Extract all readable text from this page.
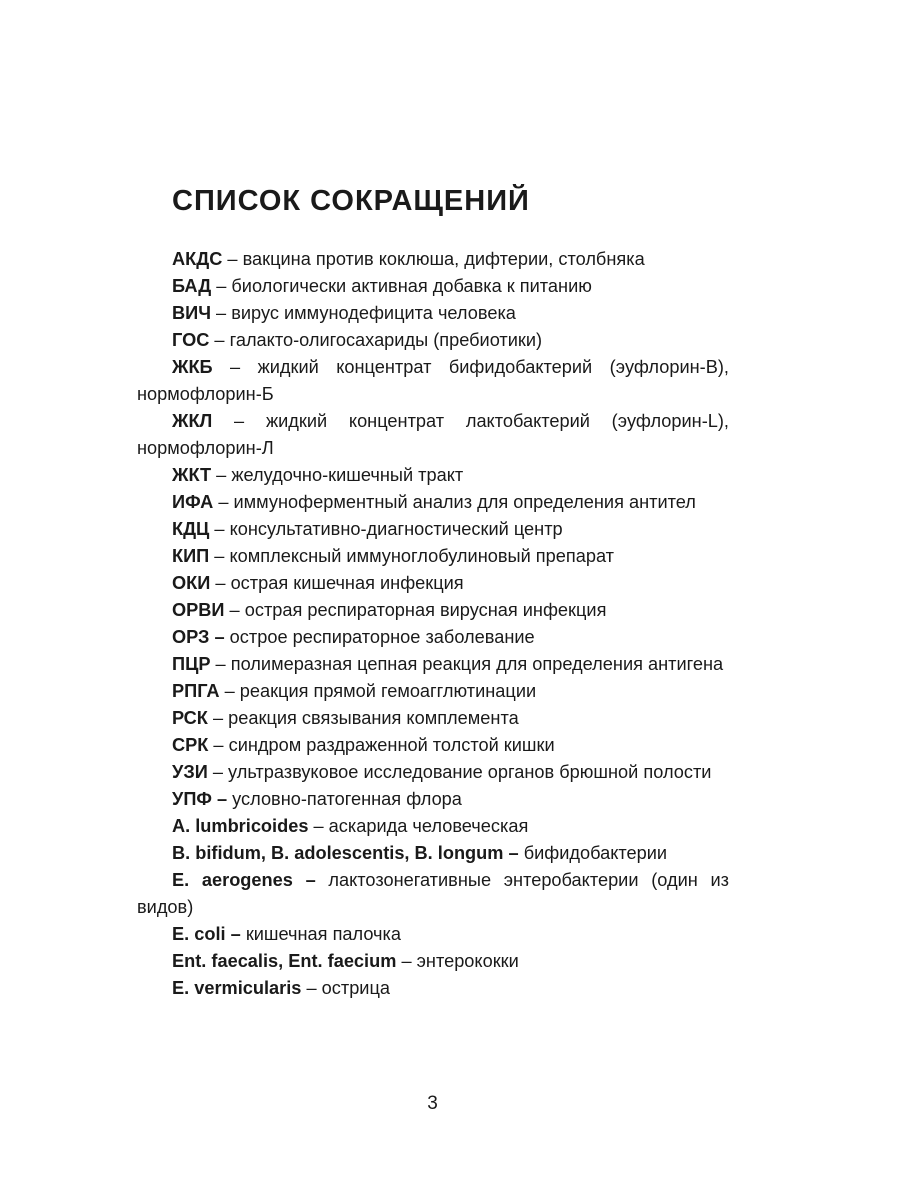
СПИСОК СОКРАЩЕНИЙ
АКДС – вакцина против коклюша, дифтерии, столбняка
БАД – биологически активная добавка к питанию
ВИЧ – вирус иммунодефицита человека
ГОС – галакто-олигосахариды (пребиотики)
ЖКБ – жидкий концентрат бифидобактерий (эуфлорин-В), нормофлорин-Б
ЖКЛ – жидкий концентрат лактобактерий (эуфлорин-L), нормофлорин-Л
ЖКТ – желудочно-кишечный тракт
ИФА – иммуноферментный анализ для определения антител
КДЦ – консультативно-диагностический центр
КИП – комплексный иммуноглобулиновый препарат
ОКИ – острая кишечная инфекция
ОРВИ – острая респираторная вирусная инфекция
ОРЗ – острое респираторное заболевание
ПЦР – полимеразная цепная реакция для определения антигена
РПГА – реакция прямой гемоагглютинации
РСК – реакция связывания комплемента
СРК – синдром раздраженной толстой кишки
УЗИ – ультразвуковое исследование органов брюшной полости
УПФ – условно-патогенная флора
A. lumbricoides – аскарида человеческая
B. bifidum, B. adolescentis, B. longum – бифидобактерии
E. aerogenes – лактозонегативные энтеробактерии (один из видов)
E. coli – кишечная палочка
Ent. faecalis, Ent. faecium – энтерококки
E. vermicularis – острица
3
